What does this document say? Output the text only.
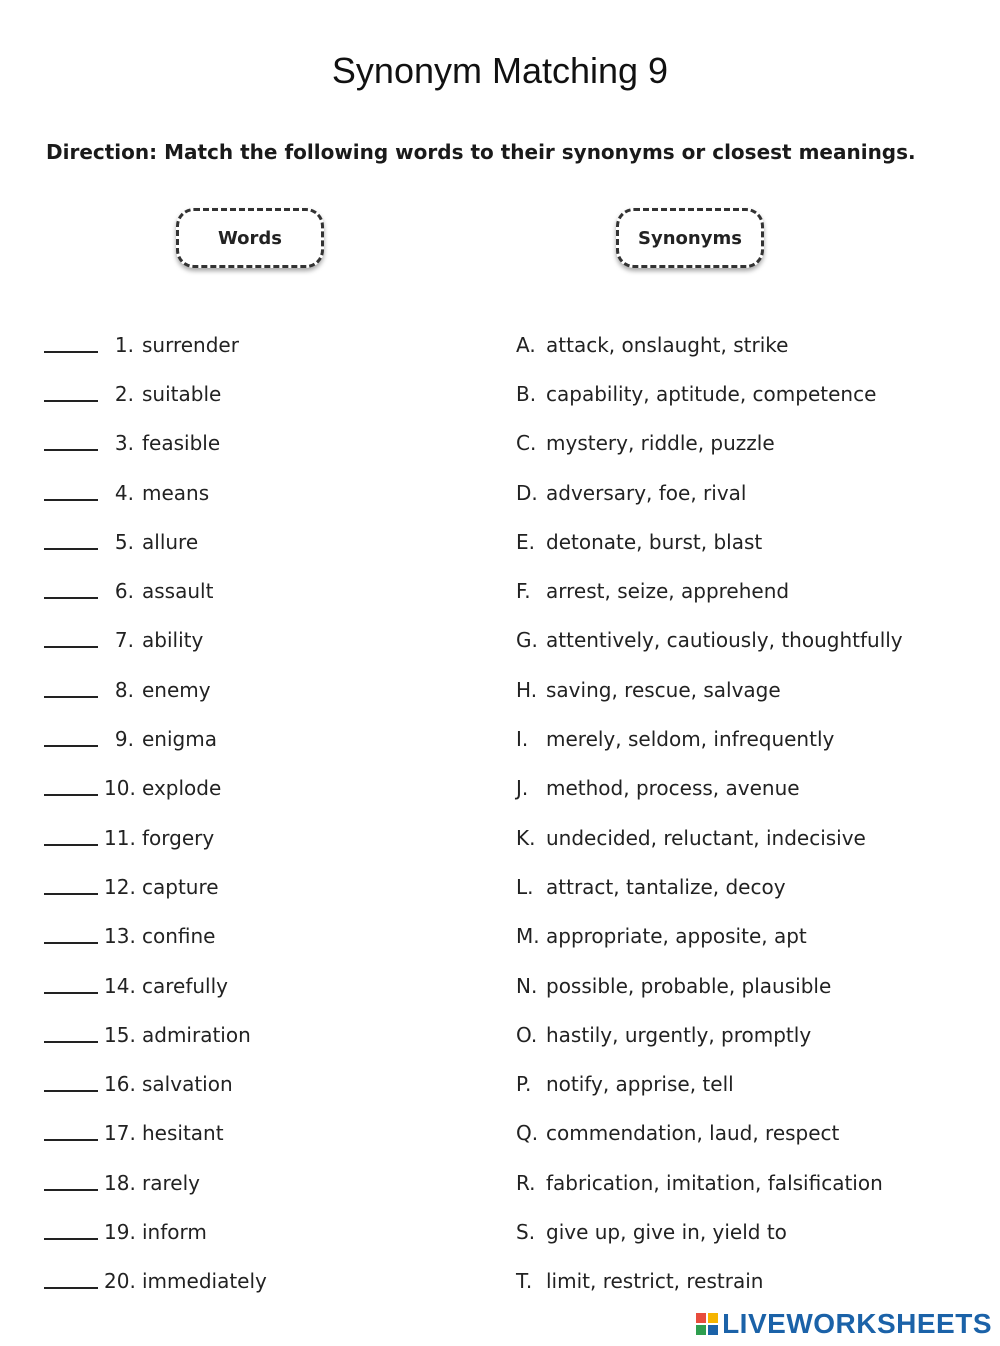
Synonym Matching 9
Direction: Match the following words to their synonyms or closest meanings.
Words	Synonyms
1. surrender
2. suitable
3. feasible
4. means
5. allure
6. assault
7. ability
8. enemy
9. enigma
10. explode
11. forgery
12. capture
13. confine
14. carefully
15. admiration
16. salvation
17. hesitant
18. rarely
19. inform
20. immediately
A. attack, onslaught, strike
B. capability, aptitude, competence
C. mystery, riddle, puzzle
D. adversary, foe, rival
E. detonate, burst, blast
F. arrest, seize, apprehend
G. attentively, cautiously, thoughtfully
H. saving, rescue, salvage
I. merely, seldom, infrequently
J. method, process, avenue
K. undecided, reluctant, indecisive
L. attract, tantalize, decoy
M. appropriate, apposite, apt
N. possible, probable, plausible
O. hastily, urgently, promptly
P. notify, apprise, tell
Q. commendation, laud, respect
R. fabrication, imitation, falsification
S. give up, give in, yield to
T. limit, restrict, restrain
LIVEWORKSHEETS
